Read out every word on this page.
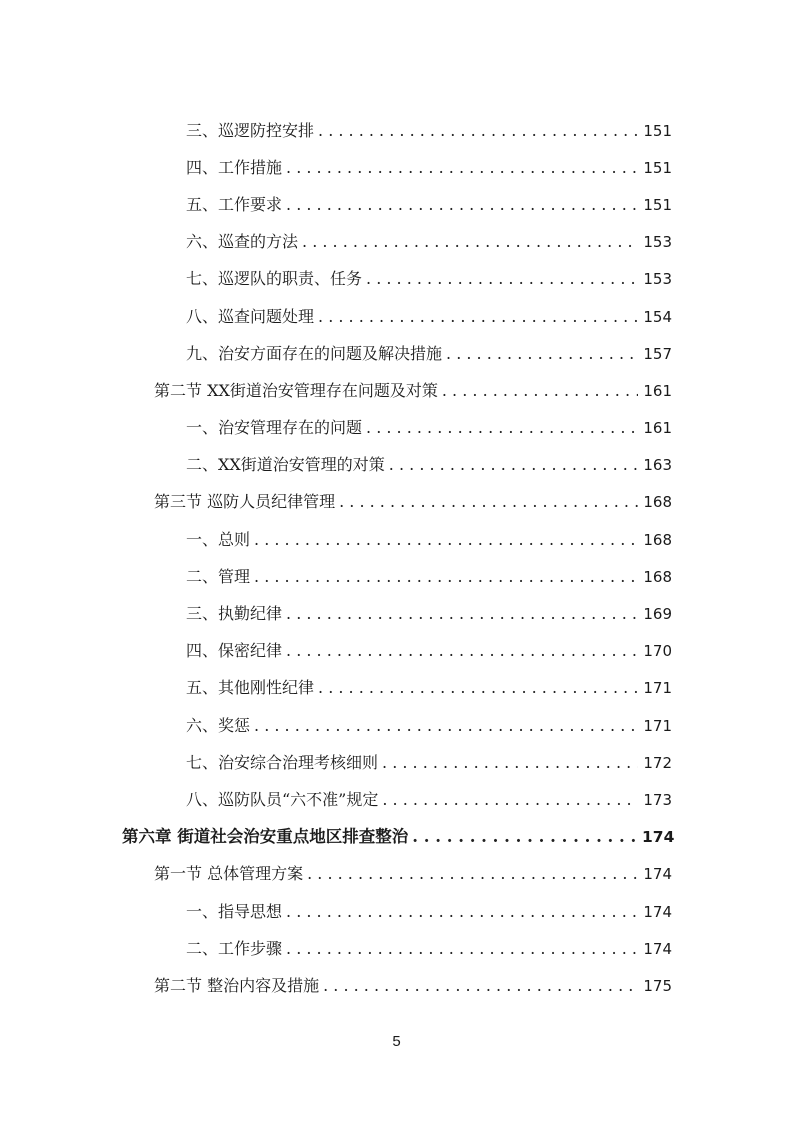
三、巡逻防控安排 . . .	151
四、工作措施 . . .	151
五、工作要求 . . .	151
六、巡查的方法 . . .	153
七、巡逻队的职责、任务 . . .	153
八、巡查问题处理 . . .	154
九、治安方面存在的问题及解决措施 . . .	157
第二节 XX街道治安管理存在问题及对策 . . .	161
一、治安管理存在的问题 . . .	161
二、XX街道治安管理的对策 . . .	163
第三节 巡防人员纪律管理 . . .	168
一、总则 . . .	168
二、管理 . . .	168
三、执勤纪律 . . .	169
四、保密纪律 . . .	170
五、其他刚性纪律 . . .	171
六、奖惩 . . .	171
七、治安综合治理考核细则 . . .	172
八、巡防队员“六不准”规定 . . .	173
第六章 街道社会治安重点地区排查整治 . . .	174
第一节 总体管理方案 . . .	174
一、指导思想 . . .	174
二、工作步骤 . . .	174
第二节 整治内容及措施 . . .	175
5
